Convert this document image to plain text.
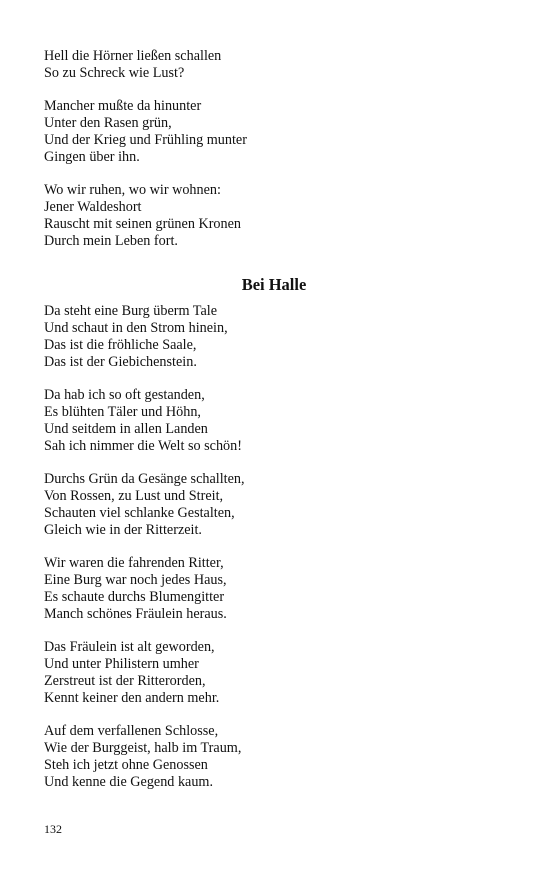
Hell die Hörner ließen schallen
So zu Schreck wie Lust?
Mancher mußte da hinunter
Unter den Rasen grün,
Und der Krieg und Frühling munter
Gingen über ihn.
Wo wir ruhen, wo wir wohnen:
Jener Waldeshort
Rauscht mit seinen grünen Kronen
Durch mein Leben fort.
Bei Halle
Da steht eine Burg überm Tale
Und schaut in den Strom hinein,
Das ist die fröhliche Saale,
Das ist der Giebichenstein.
Da hab ich so oft gestanden,
Es blühten Täler und Höhn,
Und seitdem in allen Landen
Sah ich nimmer die Welt so schön!
Durchs Grün da Gesänge schallten,
Von Rossen, zu Lust und Streit,
Schauten viel schlanke Gestalten,
Gleich wie in der Ritterzeit.
Wir waren die fahrenden Ritter,
Eine Burg war noch jedes Haus,
Es schaute durchs Blumengitter
Manch schönes Fräulein heraus.
Das Fräulein ist alt geworden,
Und unter Philistern umher
Zerstreut ist der Ritterorden,
Kennt keiner den andern mehr.
Auf dem verfallenen Schlosse,
Wie der Burggeist, halb im Traum,
Steh ich jetzt ohne Genossen
Und kenne die Gegend kaum.
132
